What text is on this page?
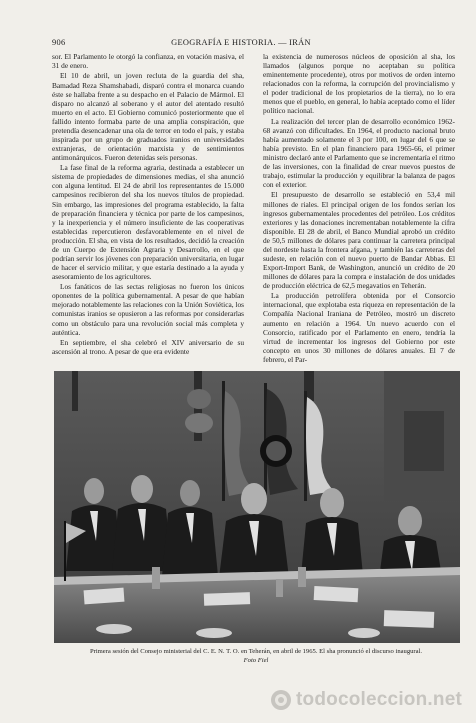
906	GEOGRAFÍA E HISTORIA. — IRÁN

sor. El Parlamento le otorgó la confianza, en votación masiva, el 31 de enero.

El 10 de abril, un joven recluta de la guardia del sha, Bamadad Reza Shamshabadi, disparó contra el monarca cuando éste se hallaba frente a su despacho en el Palacio de Mármol. El disparo no alcanzó al soberano y el autor del atentado resultó muerto en el acto. El Gobierno comunicó posteriormente que el fallido intento formaba parte de una amplia conspiración, que pretendía desencadenar una ola de terror en todo el país, y estaba inspirada por un grupo de graduados iranios en universidades extranjeras, de orientación marxista y de sentimientos antimonárquicos. Fueron detenidas seis personas.

La fase final de la reforma agraria, destinada a establecer un sistema de propiedades de dimensiones medias, el sha anunció con alguna lentitud. El 24 de abril los representantes de 15.000 campesinos recibieron del sha los nuevos títulos de propiedad. Sin embargo, las impresiones del programa establecido, la falta de preparación financiera y técnica por parte de los campesinos, y la inexperiencia y el número insuficiente de las cooperativas establecidas repercutieron desfavorablemente en el nivel de producción. El sha, en vista de los resultados, decidió la creación de un Cuerpo de Extensión Agraria y Desarrollo, en el que podrían servir los jóvenes con preparación universitaria, en lugar de hacer el servicio militar, y que estaría destinado a la ayuda y asesoramiento de los agricultores.

Los fanáticos de las sectas religiosas no fueron los únicos oponentes de la política gubernamental. A pesar de que habían mejorado notablemente las relaciones con la Unión Soviética, los comunistas iranios se opusieron a las reformas por considerarlas como un obstáculo para una revolución social más completa y auténtica.

En septiembre, el sha celebró el XIV aniversario de su ascensión al trono. A pesar de que era evidente

la existencia de numerosos núcleos de oposición al sha, los llamados (algunos porque no aceptaban su política eminentemente procedente), otros por motivos de orden interno relacionados con la reforma, la corrupción del provincialismo y el poder tradicional de los propietarios de la tierra), no lo era menos que el pueblo, en general, lo había aceptado como el líder político nacional.

La realización del tercer plan de desarrollo económico 1962-68 avanzó con dificultades. En 1964, el producto nacional bruto había aumentado solamente el 3 por 100, en lugar del 6 que se había previsto. En el plan financiero para 1965-66, el primer ministro declaró ante el Parlamento que se incrementaría el ritmo de las inversiones, con la finalidad de crear nuevos puestos de trabajo, estimular la producción y equilibrar la balanza de pagos con el exterior.

El presupuesto de desarrollo se estableció en 53,4 mil millones de riales. El principal origen de los fondos serían los ingresos gubernamentales procedentes del petróleo. Los créditos exteriores y las donaciones incrementaban notablemente la cifra disponible. El 28 de abril, el Banco Mundial aprobó un crédito de 50,5 millones de dólares para continuar la carretera principal del nordeste hasta la frontera afgana, y también las carreteras del sudeste, en relación con el nuevo puerto de Bandar Abbas. El Export-Import Bank, de Washington, anunció un crédito de 20 millones de dólares para la compra e instalación de dos unidades de producción eléctrica de 62,5 megavatios en Teherán.

La producción petrolífera obtenida por el Consorcio internacional, que explotaba esta riqueza en representación de la Compañía Nacional Iraniana de Petróleo, mostró un discreto aumento en relación a 1964. Un nuevo acuerdo con el Consorcio, ratificado por el Parlamento en enero, tendría la virtud de incrementar los ingresos del Gobierno por este concepto en unos 30 millones de dólares anuales. El 7 de febrero, el Par-

Primera sesión del Consejo ministerial del C. E. N. T. O. en Teherán, en abril de 1965. El sha pronunció el discurso inaugural.
Foto Fiel
todocoleccion.net
